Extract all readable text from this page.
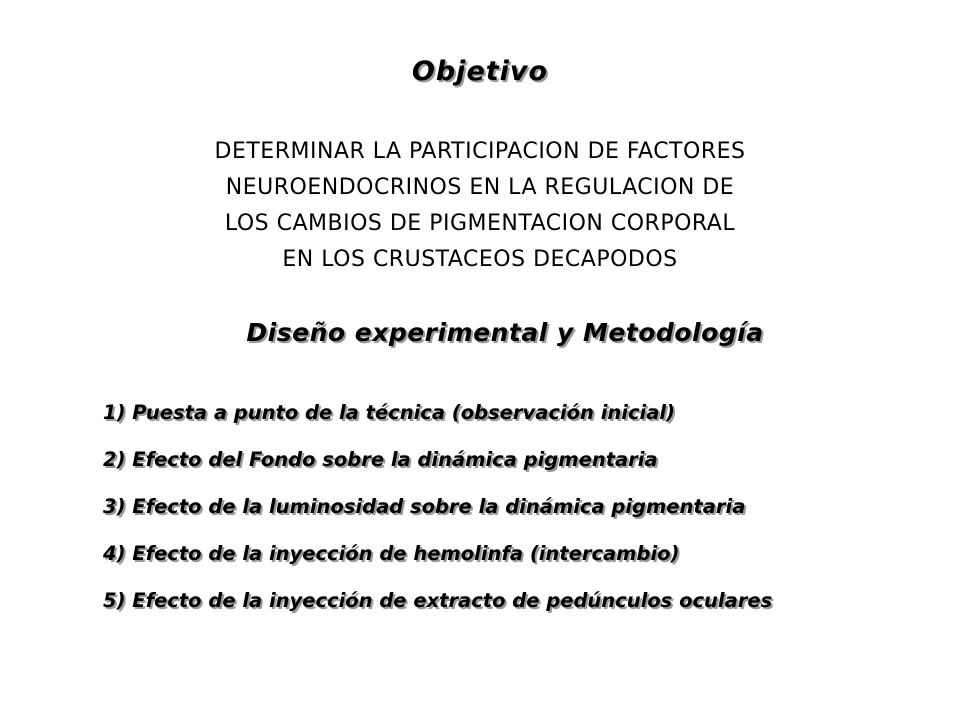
Objetivo
DETERMINAR LA PARTICIPACION DE FACTORES
NEUROENDOCRINOS EN LA REGULACION DE
LOS CAMBIOS DE PIGMENTACION CORPORAL
EN LOS CRUSTACEOS DECAPODOS
Diseño experimental y Metodología
1) Puesta a punto de la técnica (observación inicial)
2) Efecto del Fondo sobre la dinámica pigmentaria
3) Efecto de la luminosidad sobre la dinámica pigmentaria
4) Efecto de la inyección de hemolinfa (intercambio)
5) Efecto de la inyección de extracto de pedúnculos oculares
